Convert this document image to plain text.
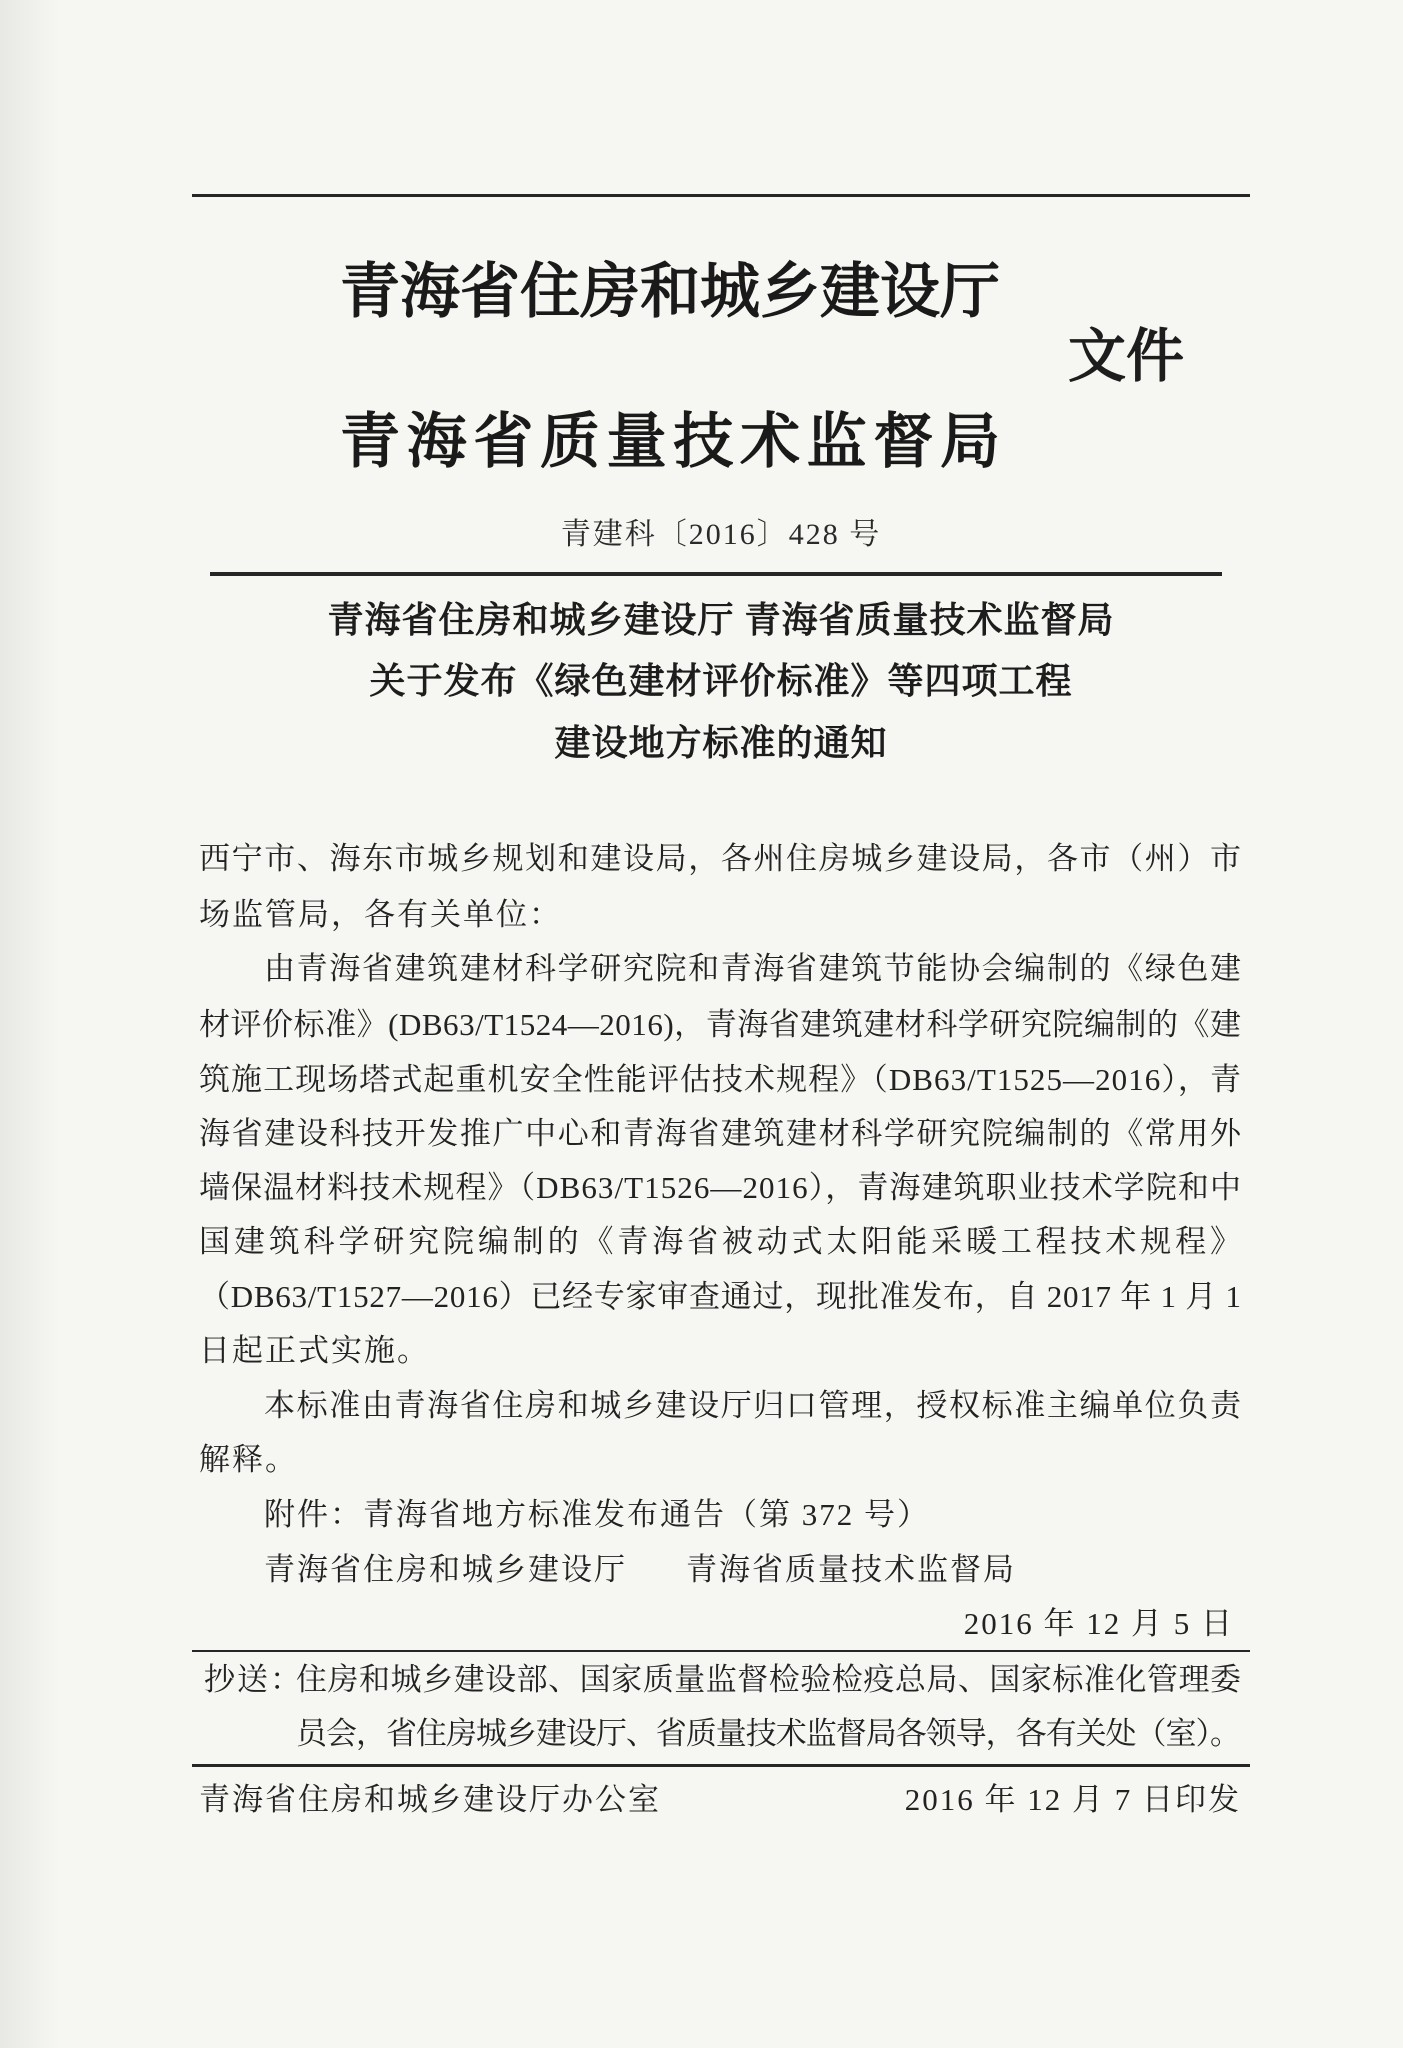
青海省住房和城乡建设厅
文件
青海省质量技术监督局
青建科〔2016〕428 号
青海省住房和城乡建设厅 青海省质量技术监督局
关于发布《绿色建材评价标准》等四项工程
建设地方标准的通知
西宁市、海东市城乡规划和建设局，各州住房城乡建设局，各市（州）市
场监管局，各有关单位：
由青海省建筑建材科学研究院和青海省建筑节能协会编制的《绿色建
材评价标准》(DB63/T1524—2016)，青海省建筑建材科学研究院编制的《建
筑施工现场塔式起重机安全性能评估技术规程》（DB63/T1525—2016），青
海省建设科技开发推广中心和青海省建筑建材科学研究院编制的《常用外
墙保温材料技术规程》（DB63/T1526—2016），青海建筑职业技术学院和中
国建筑科学研究院编制的《青海省被动式太阳能采暖工程技术规程》
（DB63/T1527—2016）已经专家审查通过，现批准发布，自 2017 年 1 月 1
日起正式实施。
本标准由青海省住房和城乡建设厅归口管理，授权标准主编单位负责
解释。
附件：青海省地方标准发布通告（第 372 号）
青海省住房和城乡建设厅 青海省质量技术监督局
2016 年 12 月 5 日
抄送：
住房和城乡建设部、国家质量监督检验检疫总局、国家标准化管理委
员会，省住房城乡建设厅、省质量技术监督局各领导，各有关处（室）。
青海省住房和城乡建设厅办公室	2016 年 12 月 7 日印发
